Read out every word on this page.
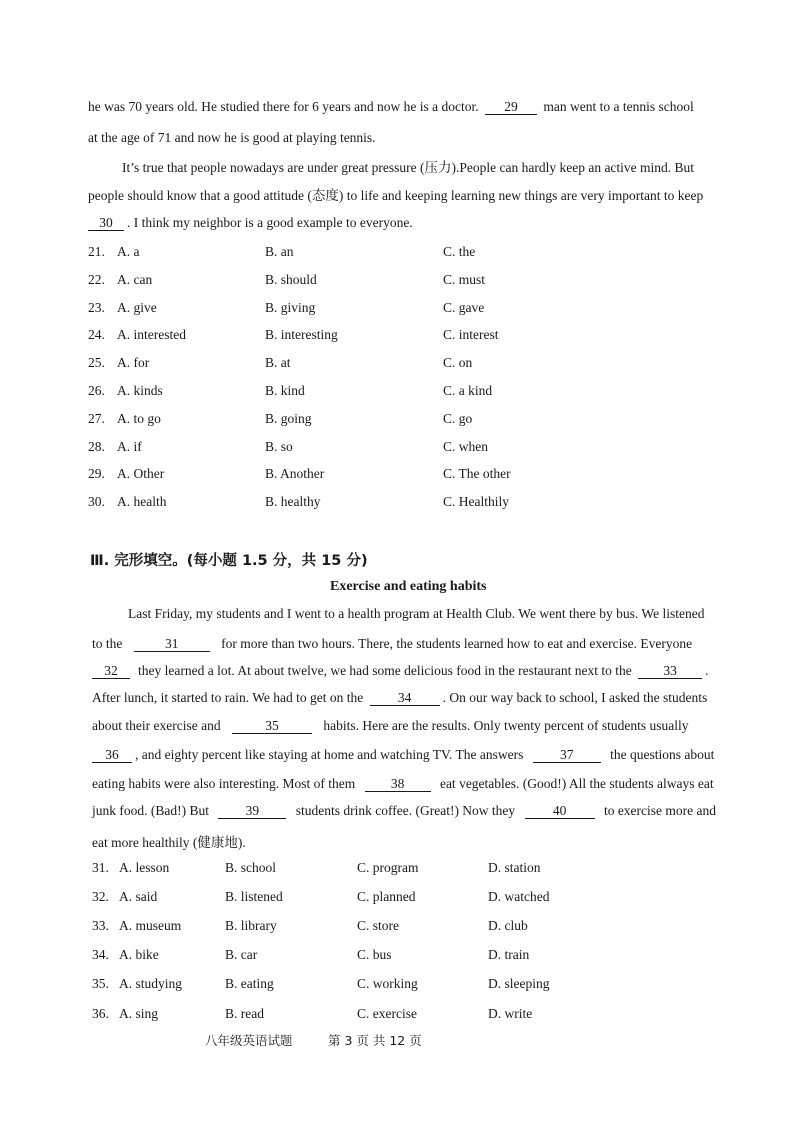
he was 70 years old. He studied there for 6 years and now he is a doctor. 29 man went to a tennis school
at the age of 71 and now he is good at playing tennis.
It’s true that people nowadays are under great pressure (压力).People can hardly keep an active mind. But
people should know that a good attitude (态度) to life and keeping learning new things are very important to keep
30 . I think my neighbor is a good example to everyone.
21. A. a	B. an	C. the
22. A. can	B. should	C. must
23. A. give	B. giving	C. gave
24. A. interested	B. interesting	C. interest
25. A. for	B. at	C. on
26. A. kinds	B. kind	C. a kind
27. A. to go	B. going	C. go
28. A. if	B. so	C. when
29. A. Other	B. Another	C. The other
30. A. health	B. healthy	C. Healthily
Ⅲ. 完形填空。(每小题 1.5 分，共 15 分)
Exercise and eating habits
Last Friday, my students and I went to a health program at Health Club. We went there by bus. We listened
to the	31	for more than two hours. There, the students learned how to eat and exercise. Everyone
32 they learned a lot. At about twelve, we had some delicious food in the restaurant next to the 33 .
After lunch, it started to rain. We had to get on the	34 . On our way back to school, I asked the students
about their exercise and	35	habits. Here are the results. Only twenty percent of students usually
36 , and eighty percent like staying at home and watching TV. The answers	37	the questions about
eating habits were also interesting. Most of them	38	eat vegetables. (Good!) All the students always eat
junk food. (Bad!) But	39	students drink coffee. (Great!) Now they	40	to exercise more and
eat more healthily (健康地).
31. A. lesson	B. school	C. program	D. station
32. A. said	B. listened	C. planned	D. watched
33. A. museum	B. library	C. store	D. club
34. A. bike	B. car	C. bus	D. train
35. A. studying	B. eating	C. working	D. sleeping
36. A. sing	B. read	C. exercise	D. write
八年级英语试题	第 3 页 共 12 页
